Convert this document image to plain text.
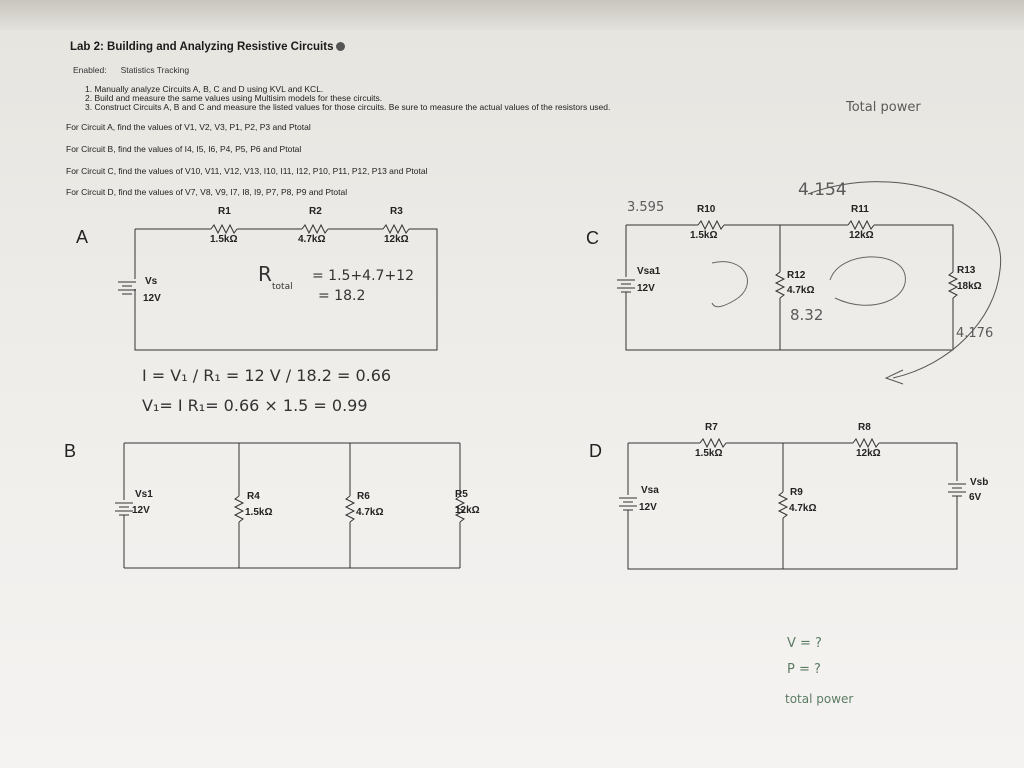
Lab 2: Building and Analyzing Resistive Circuits
Enabled: Statistics Tracking
1. Manually analyze Circuits A, B, C and D using KVL and KCL.
2. Build and measure the same values using Multisim models for these circuits.
3. Construct Circuits A, B and C and measure the listed values for those circuits. Be sure to measure the actual values of the resistors used.
For Circuit A, find the values of V1, V2, V3, P1, P2, P3 and Ptotal
For Circuit B, find the values of I4, I5, I6, P4, P5, P6 and Ptotal
For Circuit C, find the values of V10, V11, V12, V13, I10, I11, I12, P10, P11, P12, P13 and Ptotal
For Circuit D, find the values of V7, V8, V9, I7, I8, I9, P7, P8, P9 and Ptotal
A
R1
1.5kΩ
R2
4.7kΩ
R3
12kΩ
Vs
12V
B
Vs1
12V
R4
1.5kΩ
R6
4.7kΩ
R5
12kΩ
C
R10
1.5kΩ
R11
12kΩ
R12
4.7kΩ
R13
18kΩ
Vsa1
12V
D
R7
1.5kΩ
R8
12kΩ
R9
4.7kΩ
Vsa
12V
Vsb
6V
R
total
= 1.5+4.7+12
= 18.2
I = V₁ / R₁ = 12 V / 18.2 = 0.66
V₁= I R₁= 0.66 × 1.5 = 0.99
Total power
3.595
4.154
8.32
4.176
V = ?
P = ?
total power
